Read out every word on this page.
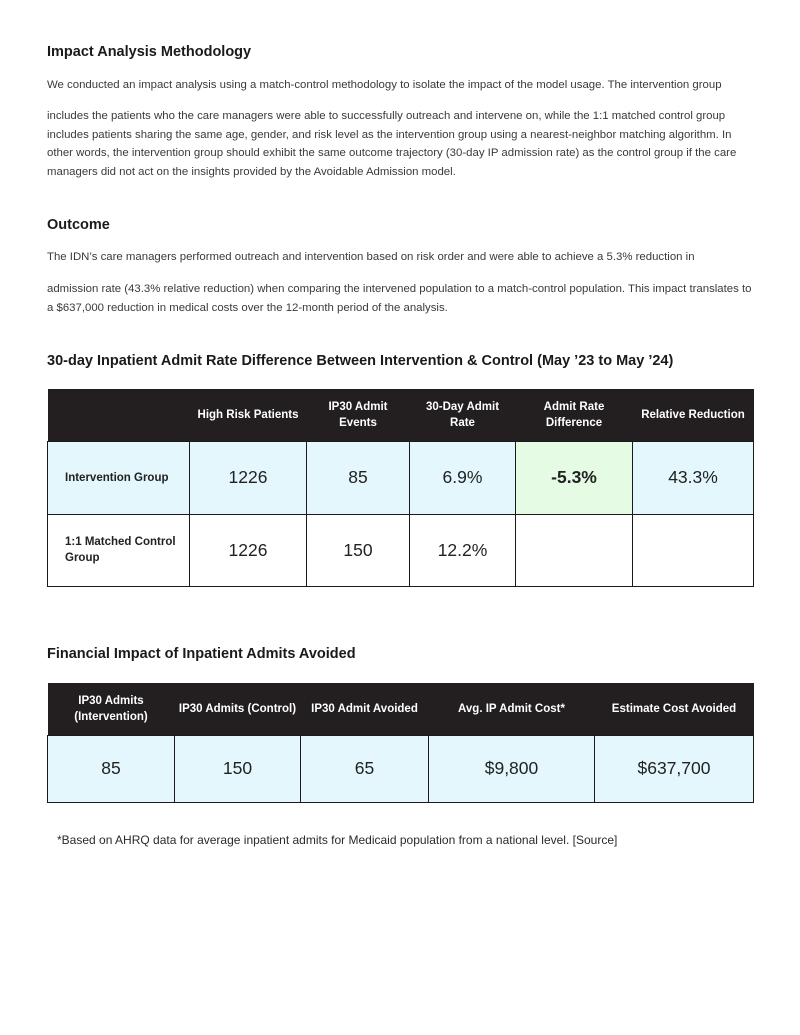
Impact Analysis Methodology

We conducted an impact analysis using a match-control methodology to isolate the impact of the model usage. The intervention group

includes the patients who the care managers were able to successfully outreach and intervene on, while the 1:1 matched control group includes patients sharing the same age, gender, and risk level as the intervention group using a nearest-neighbor matching algorithm. In other words, the intervention group should exhibit the same outcome trajectory (30-day IP admission rate) as the control group if the care managers did not act on the insights provided by the Avoidable Admission model.

Outcome

The IDN’s care managers performed outreach and intervention based on risk order and were able to achieve a 5.3% reduction in

admission rate (43.3% relative reduction) when comparing the intervened population to a match-control population. This impact translates to a $637,000 reduction in medical costs over the 12-month period of the analysis.

30-day Inpatient Admit Rate Difference Between Intervention & Control (May ’23 to May ’24)
	High Risk Patients	IP30 Admit Events	30-Day Admit Rate	Admit Rate Difference	Relative Reduction
Intervention Group	1226	85	6.9%	-5.3%	43.3%
1:1 Matched Control Group	1226	150	12.2%		
Financial Impact of Inpatient Admits Avoided
IP30 Admits (Intervention)	IP30 Admits (Control)	IP30 Admit Avoided	Avg. IP Admit Cost*	Estimate Cost Avoided
85	150	65	$9,800	$637,700
*Based on AHRQ data for average inpatient admits for Medicaid population from a national level. [Source]
